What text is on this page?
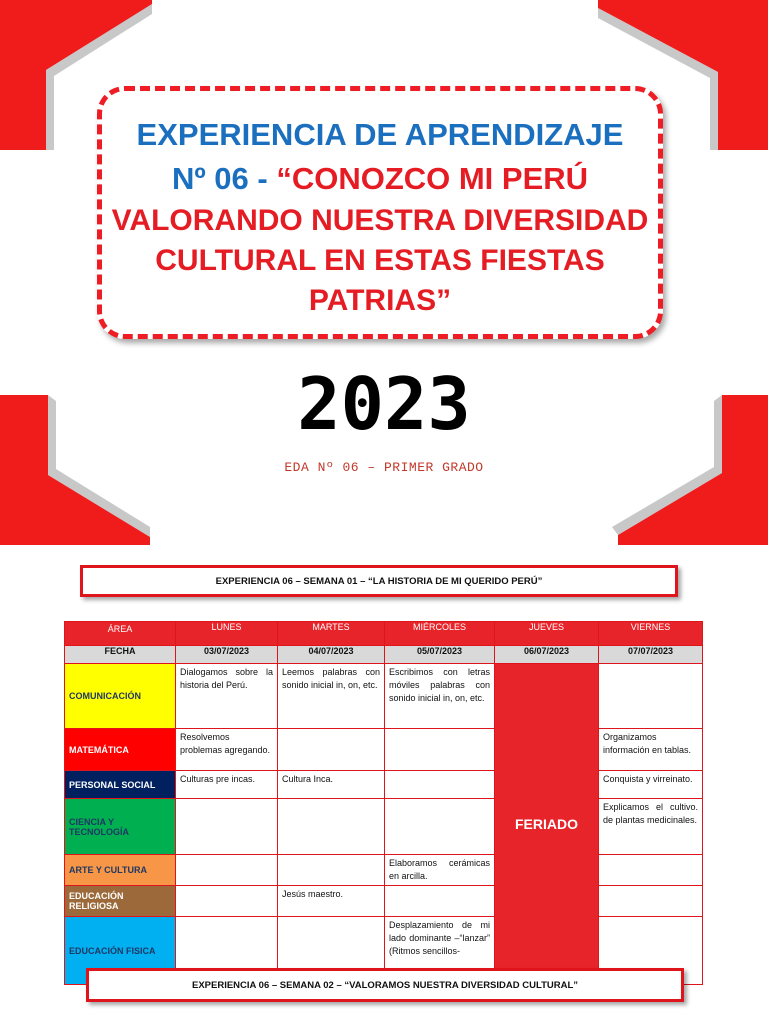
EXPERIENCIA DE APRENDIZAJE
Nº 06 - “CONOZCO MI PERÚ
VALORANDO NUESTRA DIVERSIDAD
CULTURAL EN ESTAS FIESTAS
PATRIAS”
2023
EDA Nº 06 – PRIMER GRADO
EXPERIENCIA 06 – SEMANA 01 – “LA HISTORIA DE MI QUERIDO PERÚ”
ÁREA	LUNES	MARTES	MIÉRCOLES	JUEVES	VIERNES
FECHA	03/07/2023	04/07/2023	05/07/2023	06/07/2023	07/07/2023
COMUNICACIÓN	Dialogamos sobre la historia del Perú.	Leemos palabras con sonido inicial in, on, etc.	Escribimos con letras móviles palabras con sonido inicial in, on, etc.	FERIADO	
MATEMÁTICA	Resolvemos problemas agregando.				Organizamos información en tablas.
PERSONAL SOCIAL	Culturas pre incas.	Cultura Inca.			Conquista y virreinato.
CIENCIA Y TECNOLOGÍA					Explicamos el cultivo. de plantas medicinales.
ARTE Y CULTURA			Elaboramos cerámicas en arcilla.		
EDUCACIÓN RELIGIOSA		Jesús maestro.			
EDUCACIÓN FISICA			Desplazamiento de mi lado dominante –“lanzar” (Ritmos sencillos-		
EXPERIENCIA 06 – SEMANA 02 – “VALORAMOS NUESTRA DIVERSIDAD CULTURAL”
